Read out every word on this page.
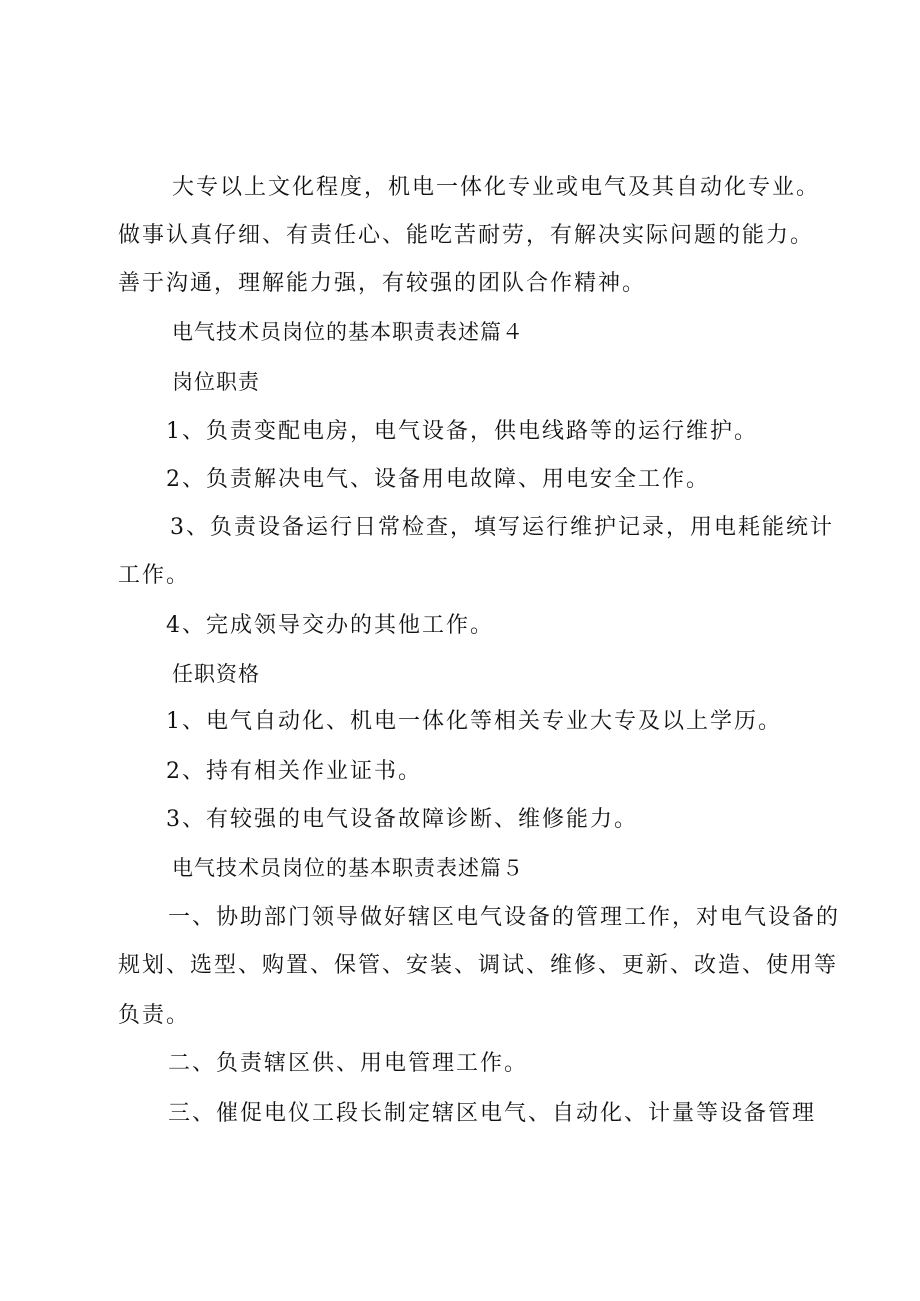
大专以上文化程度，机电一体化专业或电气及其自动化专业。
做事认真仔细、有责任心、能吃苦耐劳，有解决实际问题的能力。
善于沟通，理解能力强，有较强的团队合作精神。
电气技术员岗位的基本职责表述篇４
岗位职责
1、负责变配电房，电气设备，供电线路等的运行维护。
2、负责解决电气、设备用电故障、用电安全工作。
3、负责设备运行日常检查，填写运行维护记录，用电耗能统计
工作。
4、完成领导交办的其他工作。
任职资格
1、电气自动化、机电一体化等相关专业大专及以上学历。
2、持有相关作业证书。
3、有较强的电气设备故障诊断、维修能力。
电气技术员岗位的基本职责表述篇５
一、协助部门领导做好辖区电气设备的管理工作，对电气设备的
规划、选型、购置、保管、安装、调试、维修、更新、改造、使用等
负责。
二、负责辖区供、用电管理工作。
三、催促电仪工段长制定辖区电气、自动化、计量等设备管理
